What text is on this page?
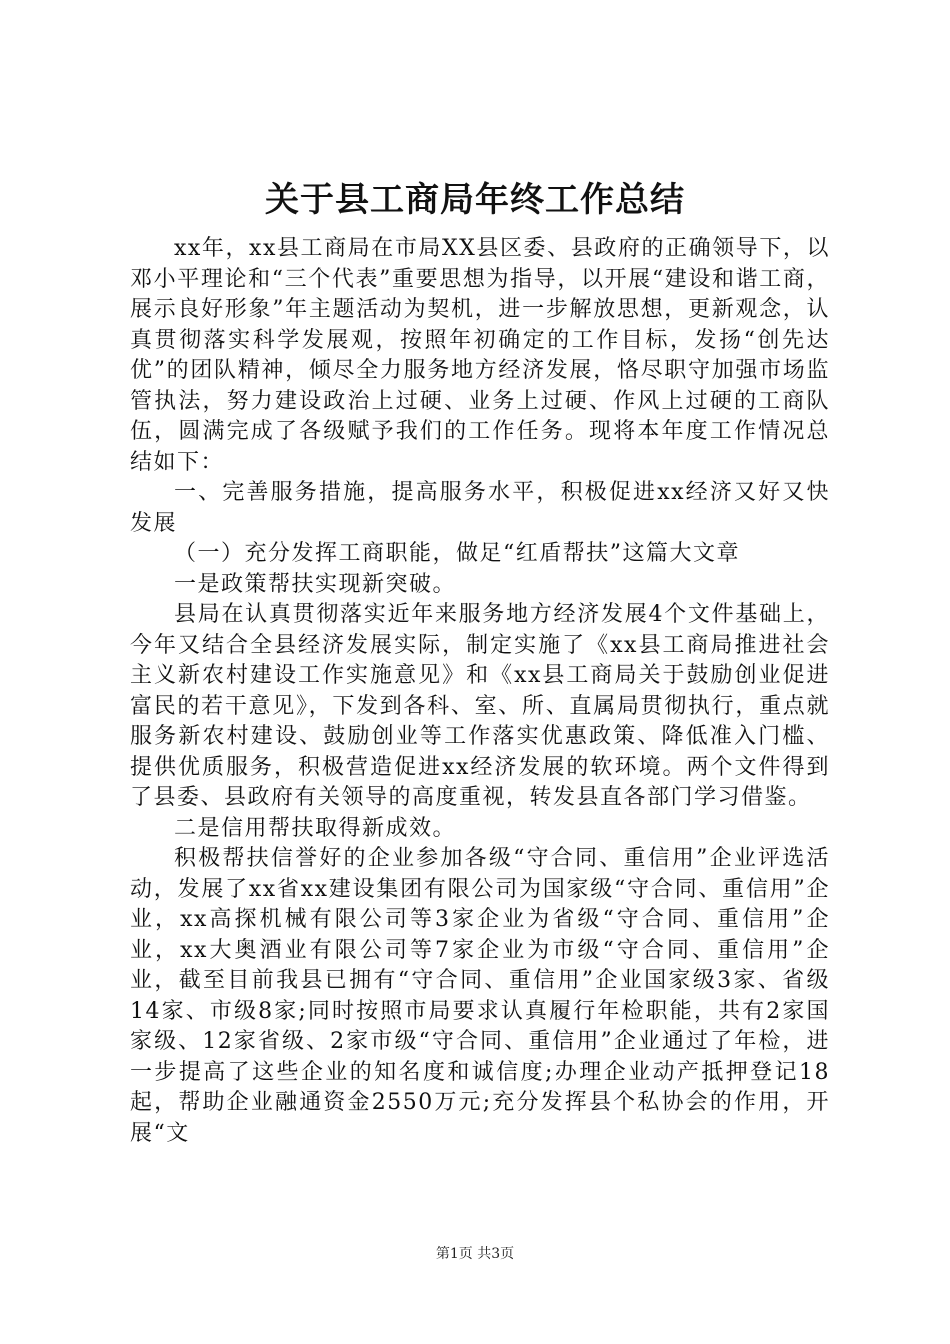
关于县工商局年终工作总结

xx年，xx县工商局在市局XX县区委、县政府的正确领导下，以邓小平理论和“三个代表”重要思想为指导，以开展“建设和谐工商，展示良好形象”年主题活动为契机，进一步解放思想，更新观念，认真贯彻落实科学发展观，按照年初确定的工作目标，发扬“创先达优”的团队精神，倾尽全力服务地方经济发展，恪尽职守加强市场监管执法，努力建设政治上过硬、业务上过硬、作风上过硬的工商队伍，圆满完成了各级赋予我们的工作任务。现将本年度工作情况总结如下：

一、完善服务措施，提高服务水平，积极促进xx经济又好又快发展

（一）充分发挥工商职能，做足“红盾帮扶”这篇大文章

一是政策帮扶实现新突破。

县局在认真贯彻落实近年来服务地方经济发展4个文件基础上，今年又结合全县经济发展实际，制定实施了《xx县工商局推进社会主义新农村建设工作实施意见》和《xx县工商局关于鼓励创业促进富民的若干意见》，下发到各科、室、所、直属局贯彻执行，重点就服务新农村建设、鼓励创业等工作落实优惠政策、降低准入门槛、提供优质服务，积极营造促进xx经济发展的软环境。两个文件得到了县委、县政府有关领导的高度重视，转发县直各部门学习借鉴。

二是信用帮扶取得新成效。

积极帮扶信誉好的企业参加各级“守合同、重信用”企业评选活动，发展了xx省xx建设集团有限公司为国家级“守合同、重信用”企业，xx高探机械有限公司等3家企业为省级“守合同、重信用”企业，xx大奥酒业有限公司等7家企业为市级“守合同、重信用”企业，截至目前我县已拥有“守合同、重信用”企业国家级3家、省级14家、市级8家;同时按照市局要求认真履行年检职能，共有2家国家级、12家省级、2家市级“守合同、重信用”企业通过了年检，进一步提高了这些企业的知名度和诚信度;办理企业动产抵押登记18起，帮助企业融通资金2550万元;充分发挥县个私协会的作用，开展“文

第1页 共3页
